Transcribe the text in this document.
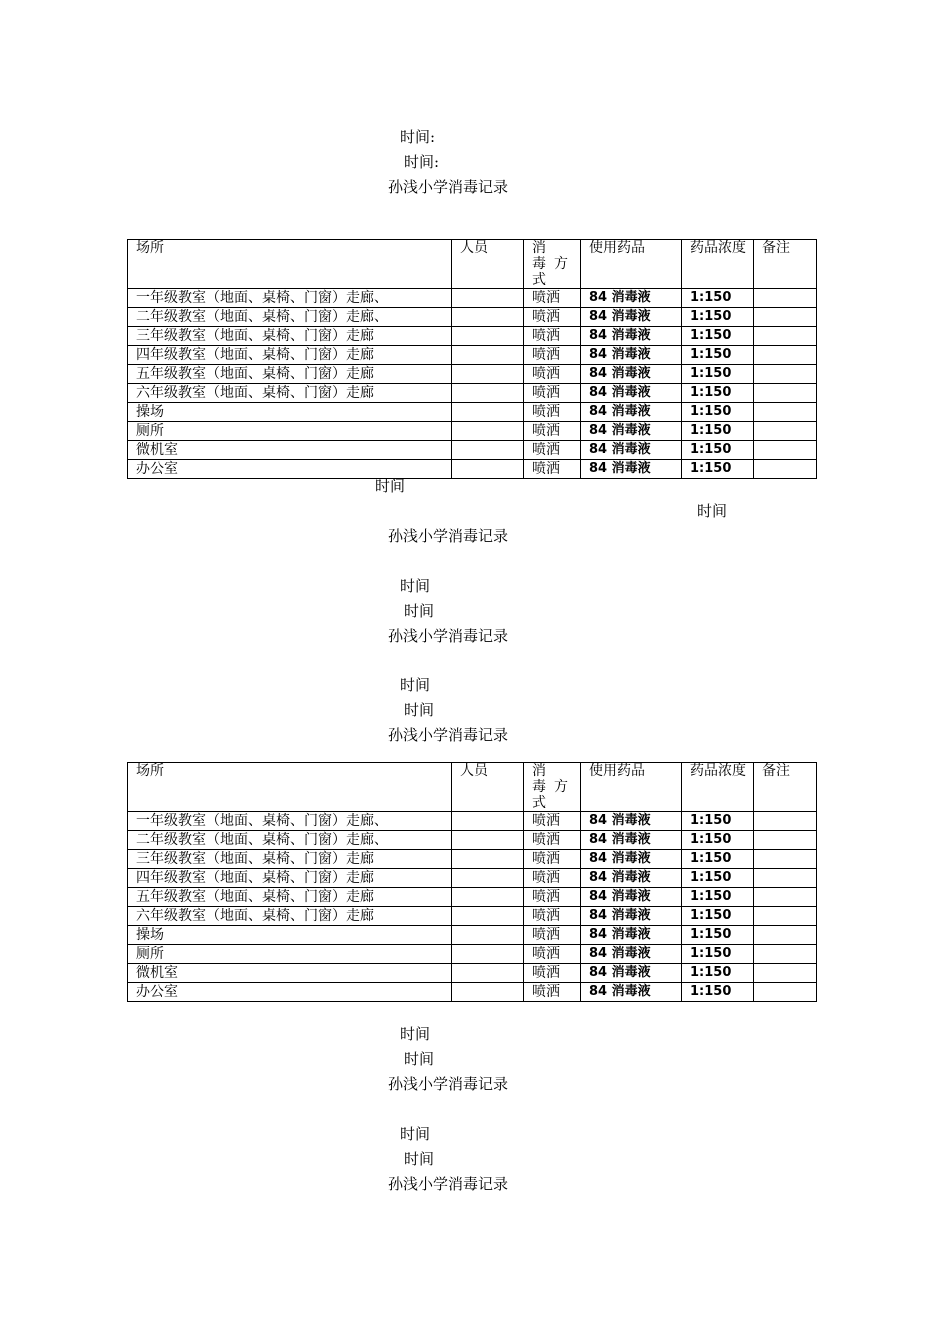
时间:
时间:
孙浅小学消毒记录
场所	人员	消 毒方式	使用药品	药品浓度	备注
一年级教室（地面、桌椅、门窗）走廊、		喷洒	84 消毒液	1:150	
二年级教室（地面、桌椅、门窗）走廊、		喷洒	84 消毒液	1:150	
三年级教室（地面、桌椅、门窗）走廊		喷洒	84 消毒液	1:150	
四年级教室（地面、桌椅、门窗）走廊		喷洒	84 消毒液	1:150	
五年级教室（地面、桌椅、门窗）走廊		喷洒	84 消毒液	1:150	
六年级教室（地面、桌椅、门窗）走廊		喷洒	84 消毒液	1:150	
操场		喷洒	84 消毒液	1:150	
厕所		喷洒	84 消毒液	1:150	
微机室		喷洒	84 消毒液	1:150	
办公室		喷洒	84 消毒液	1:150	
时间
时间
孙浅小学消毒记录
时间
时间
孙浅小学消毒记录
时间
时间
孙浅小学消毒记录
场所	人员	消 毒方式	使用药品	药品浓度	备注
一年级教室（地面、桌椅、门窗）走廊、		喷洒	84 消毒液	1:150	
二年级教室（地面、桌椅、门窗）走廊、		喷洒	84 消毒液	1:150	
三年级教室（地面、桌椅、门窗）走廊		喷洒	84 消毒液	1:150	
四年级教室（地面、桌椅、门窗）走廊		喷洒	84 消毒液	1:150	
五年级教室（地面、桌椅、门窗）走廊		喷洒	84 消毒液	1:150	
六年级教室（地面、桌椅、门窗）走廊		喷洒	84 消毒液	1:150	
操场		喷洒	84 消毒液	1:150	
厕所		喷洒	84 消毒液	1:150	
微机室		喷洒	84 消毒液	1:150	
办公室		喷洒	84 消毒液	1:150	
时间
时间
孙浅小学消毒记录
时间
时间
孙浅小学消毒记录
